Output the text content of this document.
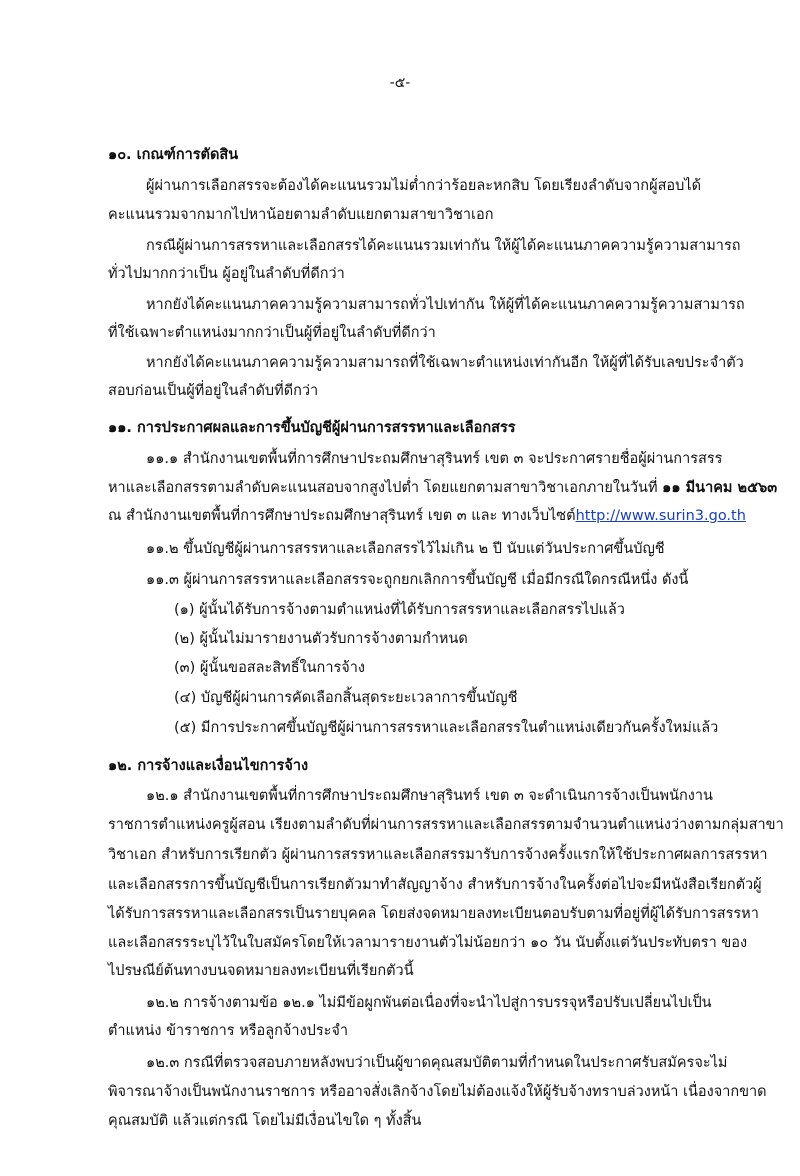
-๕-
๑๐. เกณฑ์การตัดสิน
ผู้ผ่านการเลือกสรรจะต้องได้คะแนนรวมไม่ต่ำกว่าร้อยละหกสิบ โดยเรียงลำดับจากผู้สอบได้
คะแนนรวมจากมากไปหาน้อยตามลำดับแยกตามสาขาวิชาเอก
กรณีผู้ผ่านการสรรหาและเลือกสรรได้คะแนนรวมเท่ากัน ให้ผู้ได้คะแนนภาคความรู้ความสามารถ
ทั่วไปมากกว่าเป็น ผู้อยู่ในลำดับที่ดีกว่า
หากยังได้คะแนนภาคความรู้ความสามารถทั่วไปเท่ากัน ให้ผู้ที่ได้คะแนนภาคความรู้ความสามารถ
ที่ใช้เฉพาะตำแหน่งมากกว่าเป็นผู้ที่อยู่ในลำดับที่ดีกว่า
หากยังได้คะแนนภาคความรู้ความสามารถที่ใช้เฉพาะตำแหน่งเท่ากันอีก ให้ผู้ที่ได้รับเลขประจำตัว
สอบก่อนเป็นผู้ที่อยู่ในลำดับที่ดีกว่า
๑๑. การประกาศผลและการขึ้นบัญชีผู้ผ่านการสรรหาและเลือกสรร
๑๑.๑ สำนักงานเขตพื้นที่การศึกษาประถมศึกษาสุรินทร์ เขต ๓ จะประกาศรายชื่อผู้ผ่านการสรร
หาและเลือกสรรตามลำดับคะแนนสอบจากสูงไปต่ำ โดยแยกตามสาขาวิชาเอกภายในวันที่ ๑๑ มีนาคม ๒๕๖๓
ณ สำนักงานเขตพื้นที่การศึกษาประถมศึกษาสุรินทร์ เขต ๓ และ ทางเว็บไซต์http://www.surin3.go.th
๑๑.๒ ขึ้นบัญชีผู้ผ่านการสรรหาและเลือกสรรไว้ไม่เกิน ๒ ปี นับแต่วันประกาศขึ้นบัญชี
๑๑.๓ ผู้ผ่านการสรรหาและเลือกสรรจะถูกยกเลิกการขึ้นบัญชี เมื่อมีกรณีใดกรณีหนึ่ง ดังนี้
(๑) ผู้นั้นได้รับการจ้างตามตำแหน่งที่ได้รับการสรรหาและเลือกสรรไปแล้ว
(๒) ผู้นั้นไม่มารายงานตัวรับการจ้างตามกำหนด
(๓) ผู้นั้นขอสละสิทธิ์ในการจ้าง
(๔) บัญชีผู้ผ่านการคัดเลือกสิ้นสุดระยะเวลาการขึ้นบัญชี
(๕) มีการประกาศขึ้นบัญชีผู้ผ่านการสรรหาและเลือกสรรในตำแหน่งเดียวกันครั้งใหม่แล้ว
๑๒. การจ้างและเงื่อนไขการจ้าง
๑๒.๑ สำนักงานเขตพื้นที่การศึกษาประถมศึกษาสุรินทร์ เขต ๓ จะดำเนินการจ้างเป็นพนักงาน
ราชการตำแหน่งครูผู้สอน เรียงตามลำดับที่ผ่านการสรรหาและเลือกสรรตามจำนวนตำแหน่งว่างตามกลุ่มสาขา
วิชาเอก สำหรับการเรียกตัว ผู้ผ่านการสรรหาและเลือกสรรมารับการจ้างครั้งแรกให้ใช้ประกาศผลการสรรหา
และเลือกสรรการขึ้นบัญชีเป็นการเรียกตัวมาทำสัญญาจ้าง สำหรับการจ้างในครั้งต่อไปจะมีหนังสือเรียกตัวผู้
ได้รับการสรรหาและเลือกสรรเป็นรายบุคคล โดยส่งจดหมายลงทะเบียนตอบรับตามที่อยู่ที่ผู้ได้รับการสรรหา
และเลือกสรรระบุไว้ในใบสมัครโดยให้เวลามารายงานตัวไม่น้อยกว่า ๑๐ วัน นับตั้งแต่วันประทับตรา ของ
ไปรษณีย์ต้นทางบนจดหมายลงทะเบียนที่เรียกตัวนี้
๑๒.๒ การจ้างตามข้อ ๑๒.๑ ไม่มีข้อผูกพันต่อเนื่องที่จะนำไปสู่การบรรจุหรือปรับเปลี่ยนไปเป็น
ตำแหน่ง ข้าราชการ หรือลูกจ้างประจำ
๑๒.๓ กรณีที่ตรวจสอบภายหลังพบว่าเป็นผู้ขาดคุณสมบัติตามที่กำหนดในประกาศรับสมัครจะไม่
พิจารณาจ้างเป็นพนักงานราชการ หรืออาจสั่งเลิกจ้างโดยไม่ต้องแจ้งให้ผู้รับจ้างทราบล่วงหน้า เนื่องจากขาด
คุณสมบัติ แล้วแต่กรณี โดยไม่มีเงื่อนไขใด ๆ ทั้งสิ้น
